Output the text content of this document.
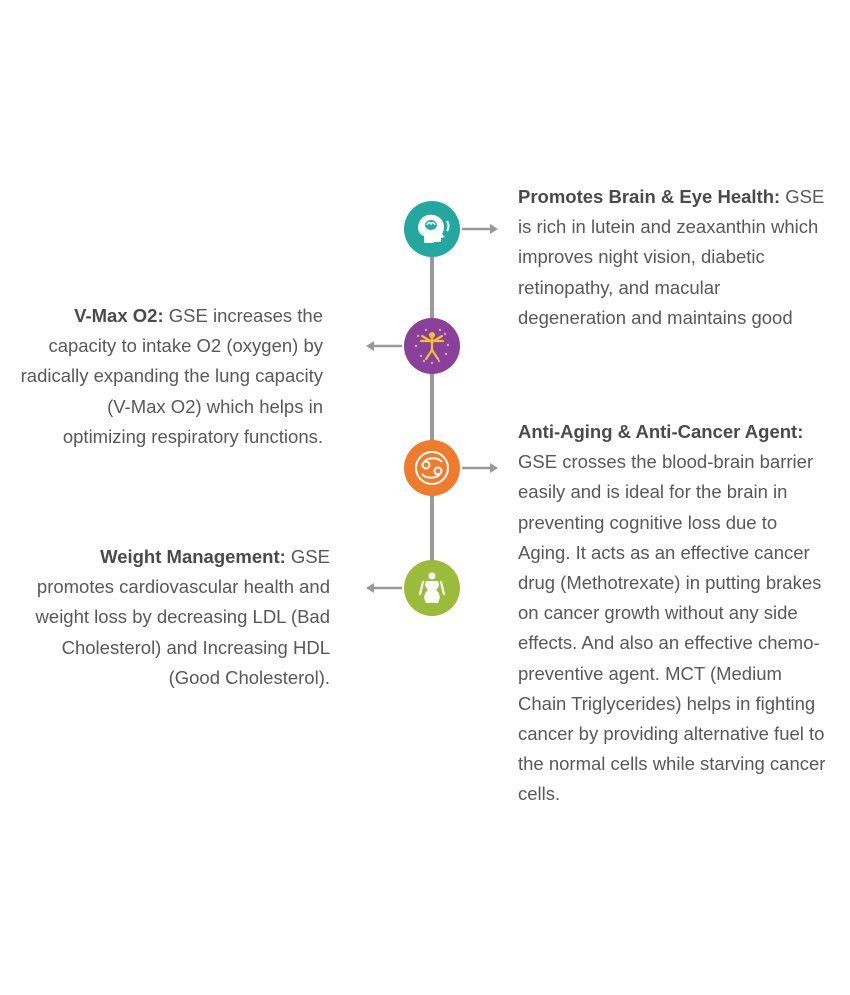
Promotes Brain & Eye Health: GSE is rich in lutein and zeaxanthin which improves night vision, diabetic retinopathy, and macular degeneration and maintains good
V-Max O2: GSE increases the capacity to intake O2 (oxygen) by radically expanding the lung capacity (V-Max O2) which helps in optimizing respiratory functions.	Anti-Aging & Anti-Cancer Agent: GSE crosses the blood-brain barrier easily and is ideal for the brain in preventing cognitive loss due to Aging. It acts as an effective cancer drug (Methotrexate) in putting brakes on cancer growth without any side effects. And also an effective chemo-preventive agent. MCT (Medium Chain Triglycerides) helps in fighting cancer by providing alternative fuel to the normal cells while starving cancer cells.
Weight Management: GSE promotes cardiovascular health and weight loss by decreasing LDL (Bad Cholesterol) and Increasing HDL (Good Cholesterol).
